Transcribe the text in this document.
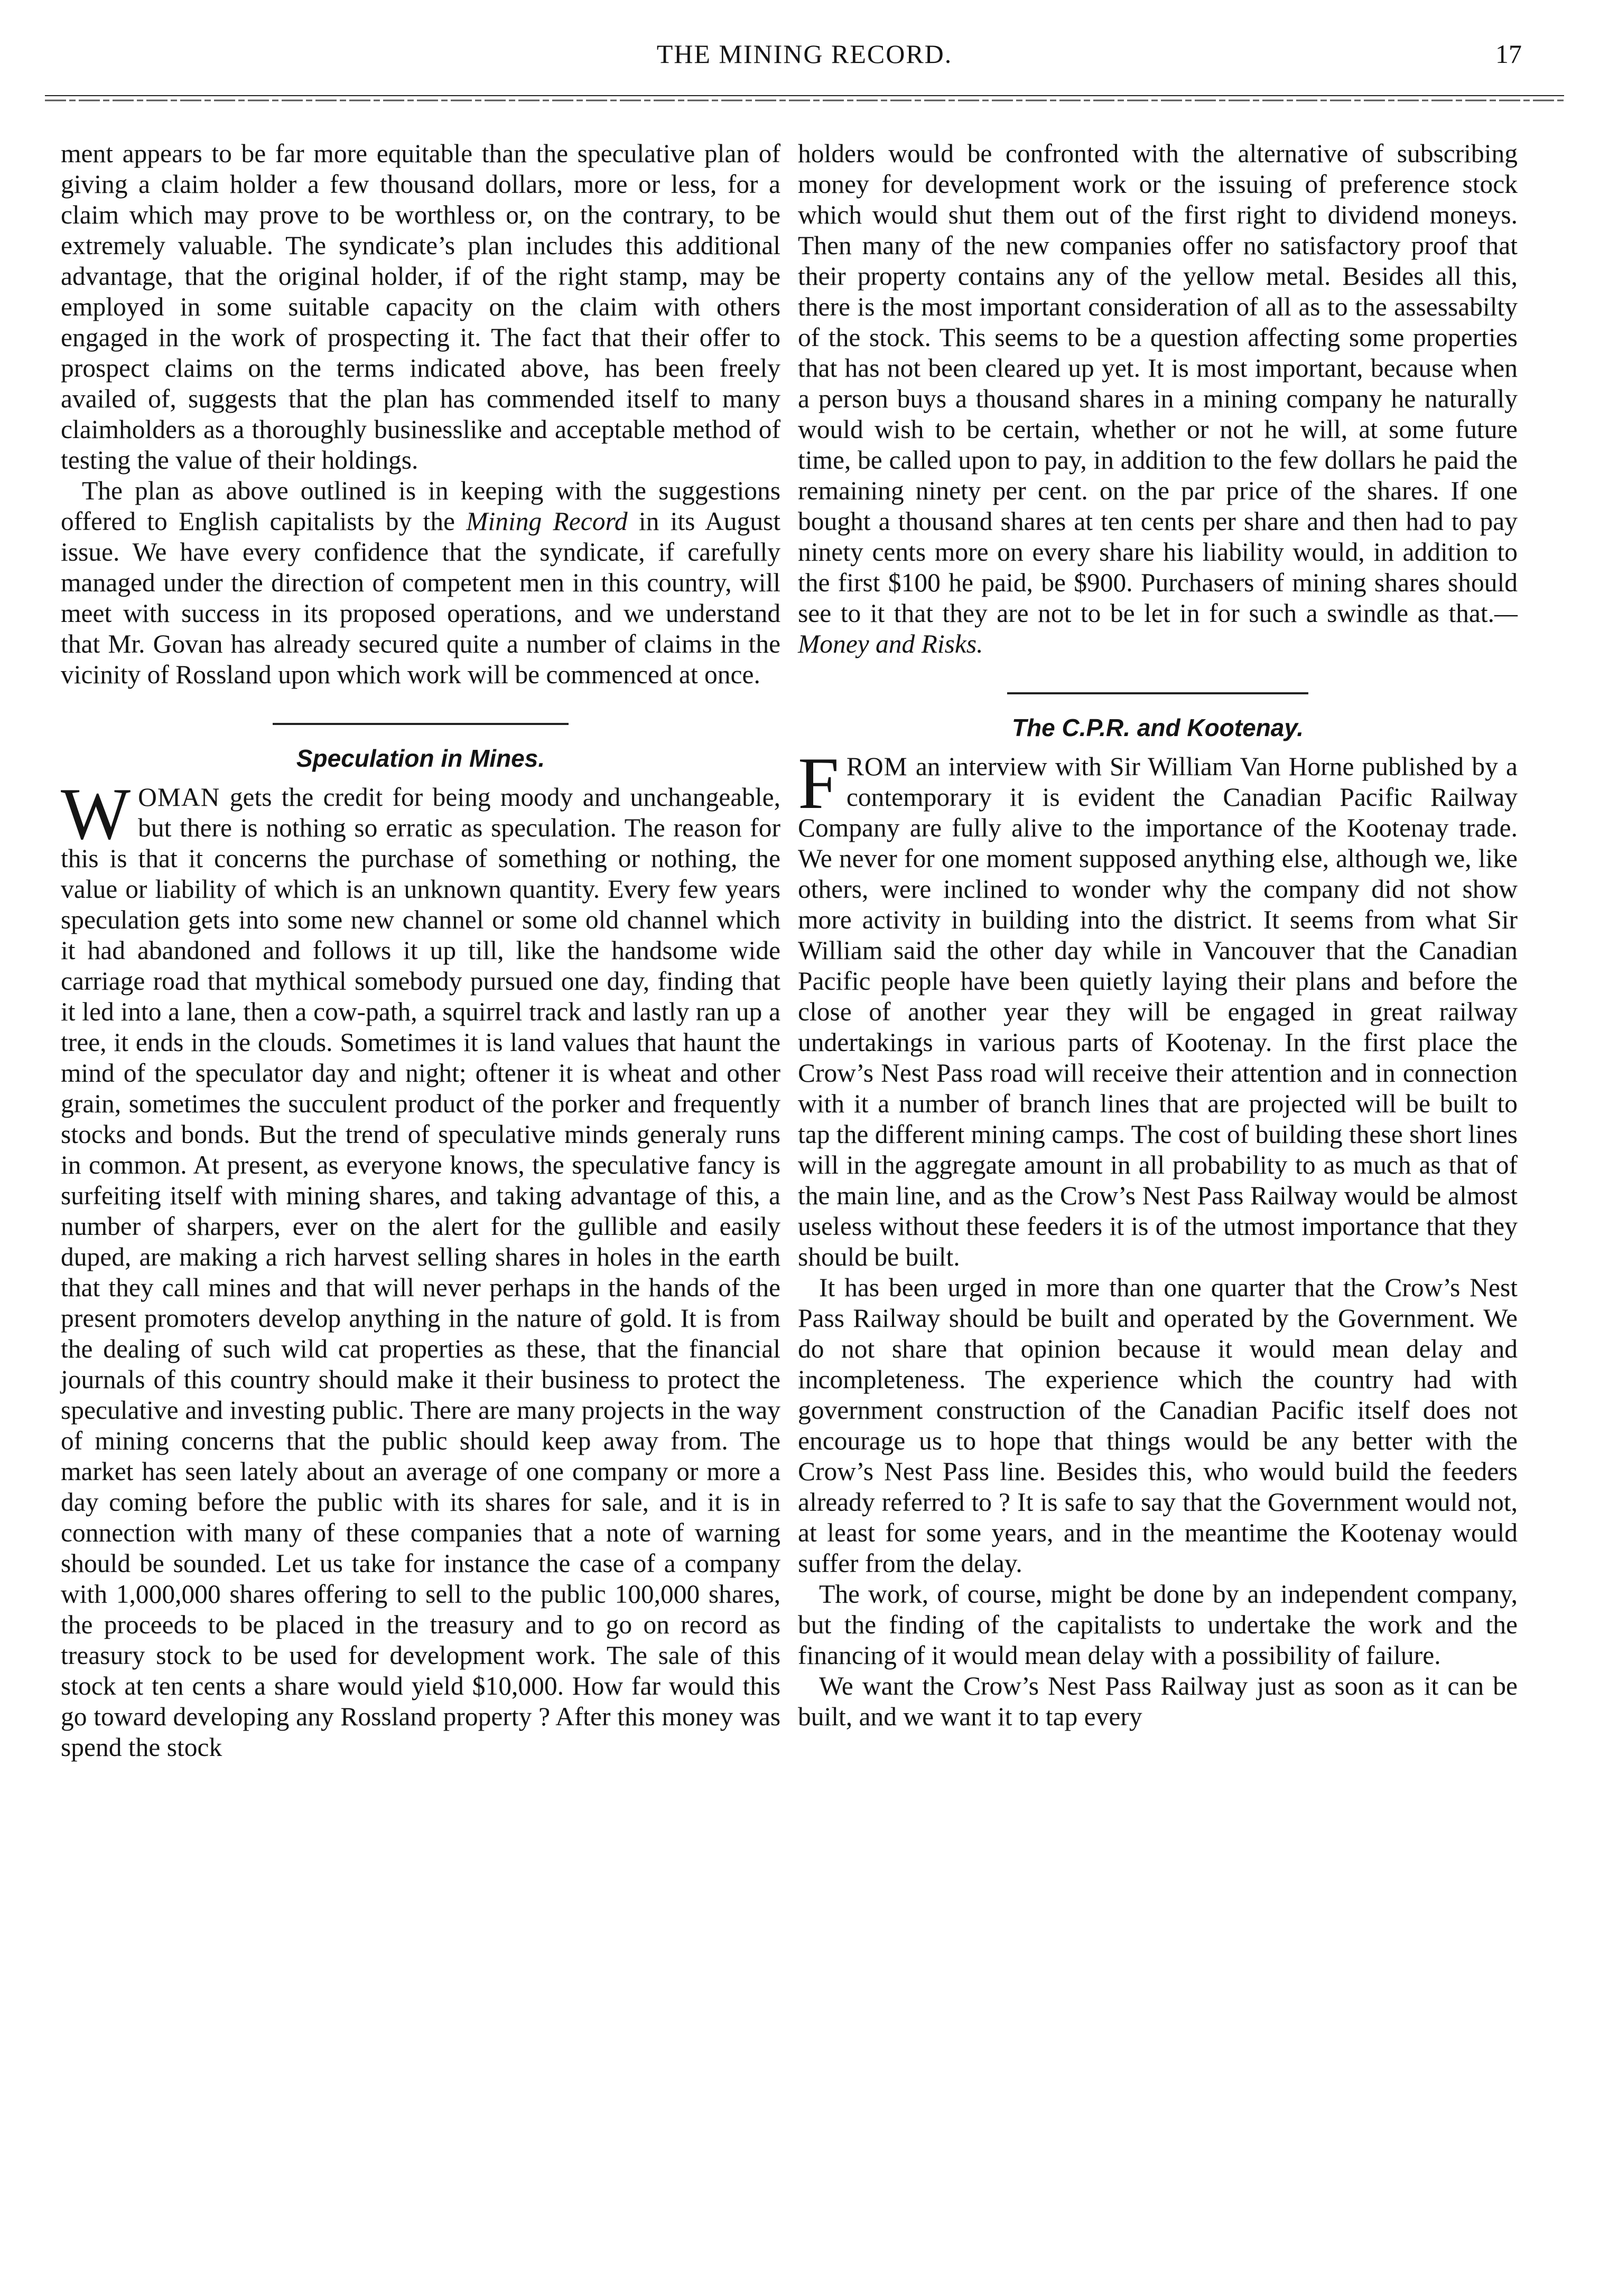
THE MINING RECORD.	17

ment appears to be far more equitable than the speculative plan of giving a claim holder a few thousand dollars, more or less, for a claim which may prove to be worthless or, on the contrary, to be extremely valuable. The syndicate’s plan includes this additional advantage, that the original holder, if of the right stamp, may be employed in some suitable capacity on the claim with others engaged in the work of prospecting it. The fact that their offer to prospect claims on the terms indicated above, has been freely availed of, suggests that the plan has commended itself to many claimholders as a thoroughly businesslike and acceptable method of testing the value of their holdings.

The plan as above outlined is in keeping with the suggestions offered to English capitalists by the Mining Record in its August issue. We have every confidence that the syndicate, if carefully managed under the direction of competent men in this country, will meet with success in its proposed operations, and we understand that Mr. Govan has already secured quite a number of claims in the vicinity of Rossland upon which work will be commenced at once.

Speculation in Mines.

WOMAN gets the credit for being moody and unchangeable, but there is nothing so erratic as speculation. The reason for this is that it concerns the purchase of something or nothing, the value or liability of which is an unknown quantity. Every few years speculation gets into some new channel or some old channel which it had abandoned and follows it up till, like the handsome wide carriage road that mythical somebody pursued one day, finding that it led into a lane, then a cow-path, a squirrel track and lastly ran up a tree, it ends in the clouds. Sometimes it is land values that haunt the mind of the speculator day and night; oftener it is wheat and other grain, sometimes the succulent product of the porker and frequently stocks and bonds. But the trend of speculative minds generaly runs in common. At present, as everyone knows, the speculative fancy is surfeiting itself with mining shares, and taking advantage of this, a number of sharpers, ever on the alert for the gullible and easily duped, are making a rich harvest selling shares in holes in the earth that they call mines and that will never perhaps in the hands of the present promoters develop anything in the nature of gold. It is from the dealing of such wild cat properties as these, that the financial journals of this country should make it their business to protect the speculative and investing public. There are many projects in the way of mining concerns that the public should keep away from. The market has seen lately about an average of one company or more a day coming before the public with its shares for sale, and it is in connection with many of these companies that a note of warning should be sounded. Let us take for instance the case of a company with 1,000,000 shares offering to sell to the public 100,000 shares, the proceeds to be placed in the treasury and to go on record as treasury stock to be used for development work. The sale of this stock at ten cents a share would yield $10,000. How far would this go toward developing any Rossland property ? After this money was spend the stock

holders would be confronted with the alternative of subscribing money for development work or the issuing of preference stock which would shut them out of the first right to dividend moneys. Then many of the new companies offer no satisfactory proof that their property contains any of the yellow metal. Besides all this, there is the most important consideration of all as to the assessabilty of the stock. This seems to be a question affecting some properties that has not been cleared up yet. It is most important, because when a person buys a thousand shares in a mining company he naturally would wish to be certain, whether or not he will, at some future time, be called upon to pay, in addition to the few dollars he paid the remaining ninety per cent. on the par price of the shares. If one bought a thousand shares at ten cents per share and then had to pay ninety cents more on every share his liability would, in addition to the first $100 he paid, be $900. Purchasers of mining shares should see to it that they are not to be let in for such a swindle as that.—Money and Risks.

The C.P.R. and Kootenay.

FROM an interview with Sir William Van Horne published by a contemporary it is evident the Canadian Pacific Railway Company are fully alive to the importance of the Kootenay trade. We never for one moment supposed anything else, although we, like others, were inclined to wonder why the company did not show more activity in building into the district. It seems from what Sir William said the other day while in Vancouver that the Canadian Pacific people have been quietly laying their plans and before the close of another year they will be engaged in great railway undertakings in various parts of Kootenay. In the first place the Crow’s Nest Pass road will receive their attention and in connection with it a number of branch lines that are projected will be built to tap the different mining camps. The cost of building these short lines will in the aggregate amount in all probability to as much as that of the main line, and as the Crow’s Nest Pass Railway would be almost useless without these feeders it is of the utmost importance that they should be built.

It has been urged in more than one quarter that the Crow’s Nest Pass Railway should be built and operated by the Government. We do not share that opinion because it would mean delay and incompleteness. The experience which the country had with government construction of the Canadian Pacific itself does not encourage us to hope that things would be any better with the Crow’s Nest Pass line. Besides this, who would build the feeders already referred to ? It is safe to say that the Government would not, at least for some years, and in the meantime the Kootenay would suffer from the delay.

The work, of course, might be done by an independent company, but the finding of the capitalists to undertake the work and the financing of it would mean delay with a possibility of failure.

We want the Crow’s Nest Pass Railway just as soon as it can be built, and we want it to tap every
